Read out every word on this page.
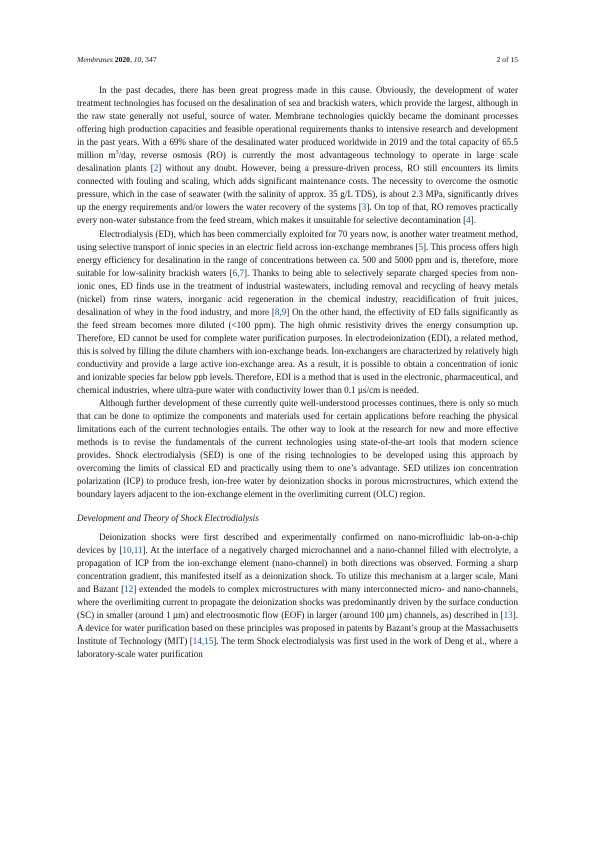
Membranes 2020, 10, 347	2 of 15

In the past decades, there has been great progress made in this cause. Obviously, the development of water treatment technologies has focused on the desalination of sea and brackish waters, which provide the largest, although in the raw state generally not useful, source of water. Membrane technologies quickly became the dominant processes offering high production capacities and feasible operational requirements thanks to intensive research and development in the past years. With a 69% share of the desalinated water produced worldwide in 2019 and the total capacity of 65.5 million $m^3$/day, reverse osmosis (RO) is currently the most advantageous technology to operate in large scale desalination plants [2] without any doubt. However, being a pressure-driven process, RO still encounters its limits connected with fouling and scaling, which adds significant maintenance costs. The necessity to overcome the osmotic pressure, which in the case of seawater (with the salinity of approx. 35 g/L TDS), is about 2.3 MPa, significantly drives up the energy requirements and/or lowers the water recovery of the systems [3]. On top of that, RO removes practically every non-water substance from the feed stream, which makes it unsuitable for selective decontamination [4].

Electrodialysis (ED), which has been commercially exploited for 70 years now, is another water treatment method, using selective transport of ionic species in an electric field across ion-exchange membranes [5]. This process offers high energy efficiency for desalination in the range of concentrations between ca. 500 and 5000 ppm and is, therefore, more suitable for low-salinity brackish waters [6,7]. Thanks to being able to selectively separate charged species from non-ionic ones, ED finds use in the treatment of industrial wastewaters, including removal and recycling of heavy metals (nickel) from rinse waters, inorganic acid regeneration in the chemical industry, reacidification of fruit juices, desalination of whey in the food industry, and more [8,9] On the other hand, the effectivity of ED falls significantly as the feed stream becomes more diluted (<100 ppm). The high ohmic resistivity drives the energy consumption up. Therefore, ED cannot be used for complete water purification purposes. In electrodeionization (EDI), a related method, this is solved by filling the dilute chambers with ion-exchange beads. Ion-exchangers are characterized by relatively high conductivity and provide a large active ion-exchange area. As a result, it is possible to obtain a concentration of ionic and ionizable species far below ppb levels. Therefore, EDI is a method that is used in the electronic, pharmaceutical, and chemical industries, where ultra-pure water with conductivity lower than 0.1 µs/cm is needed.

Although further development of these currently quite well-understood processes continues, there is only so much that can be done to optimize the components and materials used for certain applications before reaching the physical limitations each of the current technologies entails. The other way to look at the research for new and more effective methods is to revise the fundamentals of the current technologies using state-of-the-art tools that modern science provides. Shock electrodialysis (SED) is one of the rising technologies to be developed using this approach by overcoming the limits of classical ED and practically using them to one’s advantage. SED utilizes ion concentration polarization (ICP) to produce fresh, ion-free water by deionization shocks in porous microstructures, which extend the boundary layers adjacent to the ion-exchange element in the overlimiting current (OLC) region.

Development and Theory of Shock Electrodialysis

Deionization shocks were first described and experimentally confirmed on nano-microfluidic lab-on-a-chip devices by [10,11]. At the interface of a negatively charged microchannel and a nano-channel filled with electrolyte, a propagation of ICP from the ion-exchange element (nano-channel) in both directions was observed. Forming a sharp concentration gradient, this manifested itself as a deionization shock. To utilize this mechanism at a larger scale, Mani and Bazant [12] extended the models to complex microstructures with many interconnected micro- and nano-channels, where the overlimiting current to propagate the deionization shocks was predominantly driven by the surface conduction (SC) in smaller (around 1 µm) and electroosmotic flow (EOF) in larger (around 100 µm) channels, as) described in [13]. A device for water purification based on these principles was proposed in patents by Bazant’s group at the Massachusetts Institute of Technology (MIT) [14,15]. The term Shock electrodialysis was first used in the work of Deng et al., where a laboratory-scale water purification
